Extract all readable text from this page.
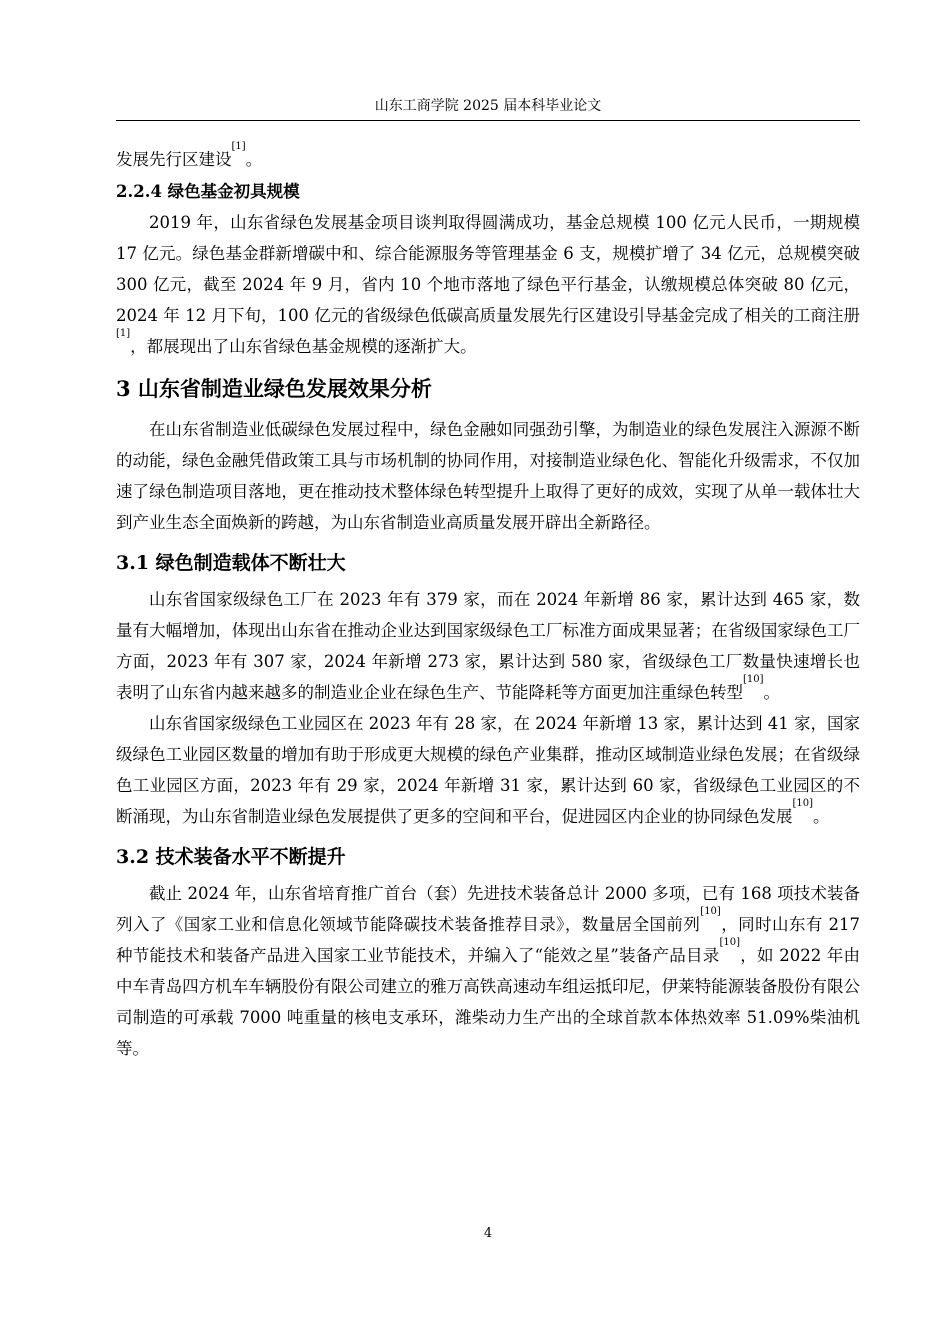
山东工商学院 2025 届本科毕业论文

发展先行区建设[1]。

2.2.4 绿色基金初具规模

2019 年，山东省绿色发展基金项目谈判取得圆满成功，基金总规模 100 亿元人民币，一期规模 17 亿元。绿色基金群新增碳中和、综合能源服务等管理基金 6 支，规模扩增了 34 亿元，总规模突破 300 亿元，截至 2024 年 9 月，省内 10 个地市落地了绿色平行基金，认缴规模总体突破 80 亿元，2024 年 12 月下旬，100 亿元的省级绿色低碳高质量发展先行区建设引导基金完成了相关的工商注册[1]，都展现出了山东省绿色基金规模的逐渐扩大。

3 山东省制造业绿色发展效果分析

在山东省制造业低碳绿色发展过程中，绿色金融如同强劲引擎，为制造业的绿色发展注入源源不断的动能，绿色金融凭借政策工具与市场机制的协同作用，对接制造业绿色化、智能化升级需求，不仅加速了绿色制造项目落地，更在推动技术整体绿色转型提升上取得了更好的成效，实现了从单一载体壮大到产业生态全面焕新的跨越，为山东省制造业高质量发展开辟出全新路径。

3.1 绿色制造载体不断壮大

山东省国家级绿色工厂在 2023 年有 379 家，而在 2024 年新增 86 家，累计达到 465 家，数量有大幅增加，体现出山东省在推动企业达到国家级绿色工厂标准方面成果显著；在省级国家绿色工厂方面，2023 年有 307 家，2024 年新增 273 家，累计达到 580 家，省级绿色工厂数量快速增长也表明了山东省内越来越多的制造业企业在绿色生产、节能降耗等方面更加注重绿色转型[10]。

山东省国家级绿色工业园区在 2023 年有 28 家，在 2024 年新增 13 家，累计达到 41 家，国家级绿色工业园区数量的增加有助于形成更大规模的绿色产业集群，推动区域制造业绿色发展；在省级绿色工业园区方面，2023 年有 29 家，2024 年新增 31 家，累计达到 60 家，省级绿色工业园区的不断涌现，为山东省制造业绿色发展提供了更多的空间和平台，促进园区内企业的协同绿色发展[10]。

3.2 技术装备水平不断提升

截止 2024 年，山东省培育推广首台（套）先进技术装备总计 2000 多项，已有 168 项技术装备列入了《国家工业和信息化领域节能降碳技术装备推荐目录》，数量居全国前列[10]，同时山东有 217 种节能技术和装备产品进入国家工业节能技术，并编入了“能效之星”装备产品目录[10]，如 2022 年由中车青岛四方机车车辆股份有限公司建立的雅万高铁高速动车组运抵印尼，伊莱特能源装备股份有限公司制造的可承载 7000 吨重量的核电支承环，潍柴动力生产出的全球首款本体热效率 51.09%柴油机等。

4
